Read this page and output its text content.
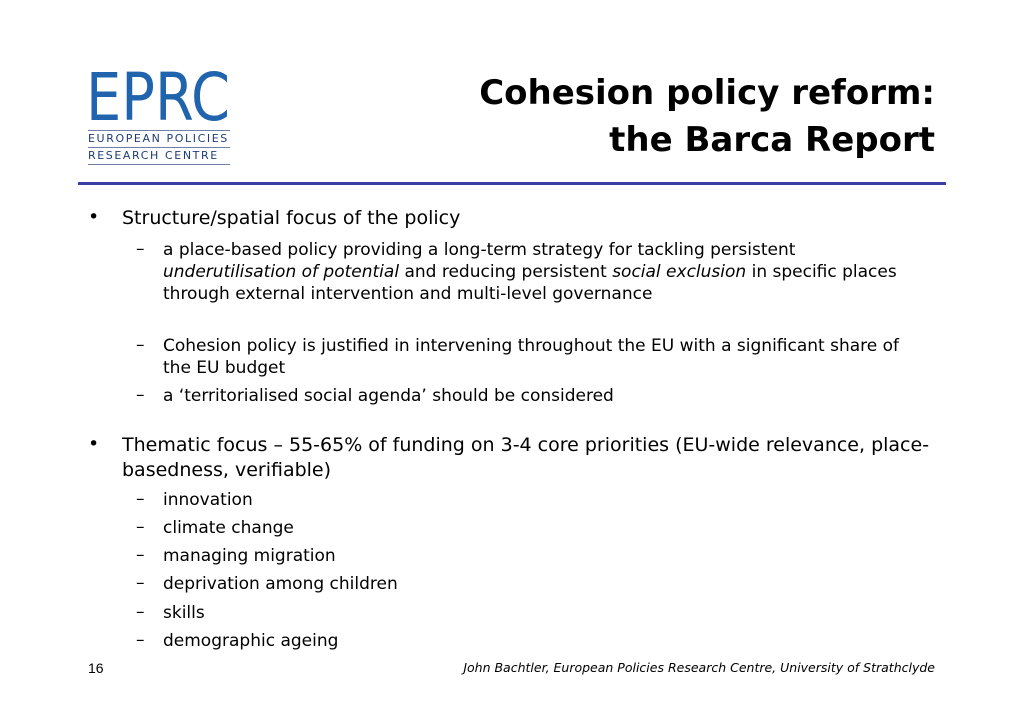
EPRC
EUROPEAN POLICIES
RESEARCH CENTRE
Cohesion policy reform:
the Barca Report
• Structure/spatial focus of the policy
– a place-based policy providing a long-term strategy for tackling persistent underutilisation of potential and reducing persistent social exclusion in specific places through external intervention and multi-level governance
– Cohesion policy is justified in intervening throughout the EU with a significant share of the EU budget
– a ‘territorialised social agenda’ should be considered
• Thematic focus – 55-65% of funding on 3-4 core priorities (EU-wide relevance, place-basedness, verifiable)
– innovation
– climate change
– managing migration
– deprivation among children
– skills
– demographic ageing
16	John Bachtler, European Policies Research Centre, University of Strathclyde
